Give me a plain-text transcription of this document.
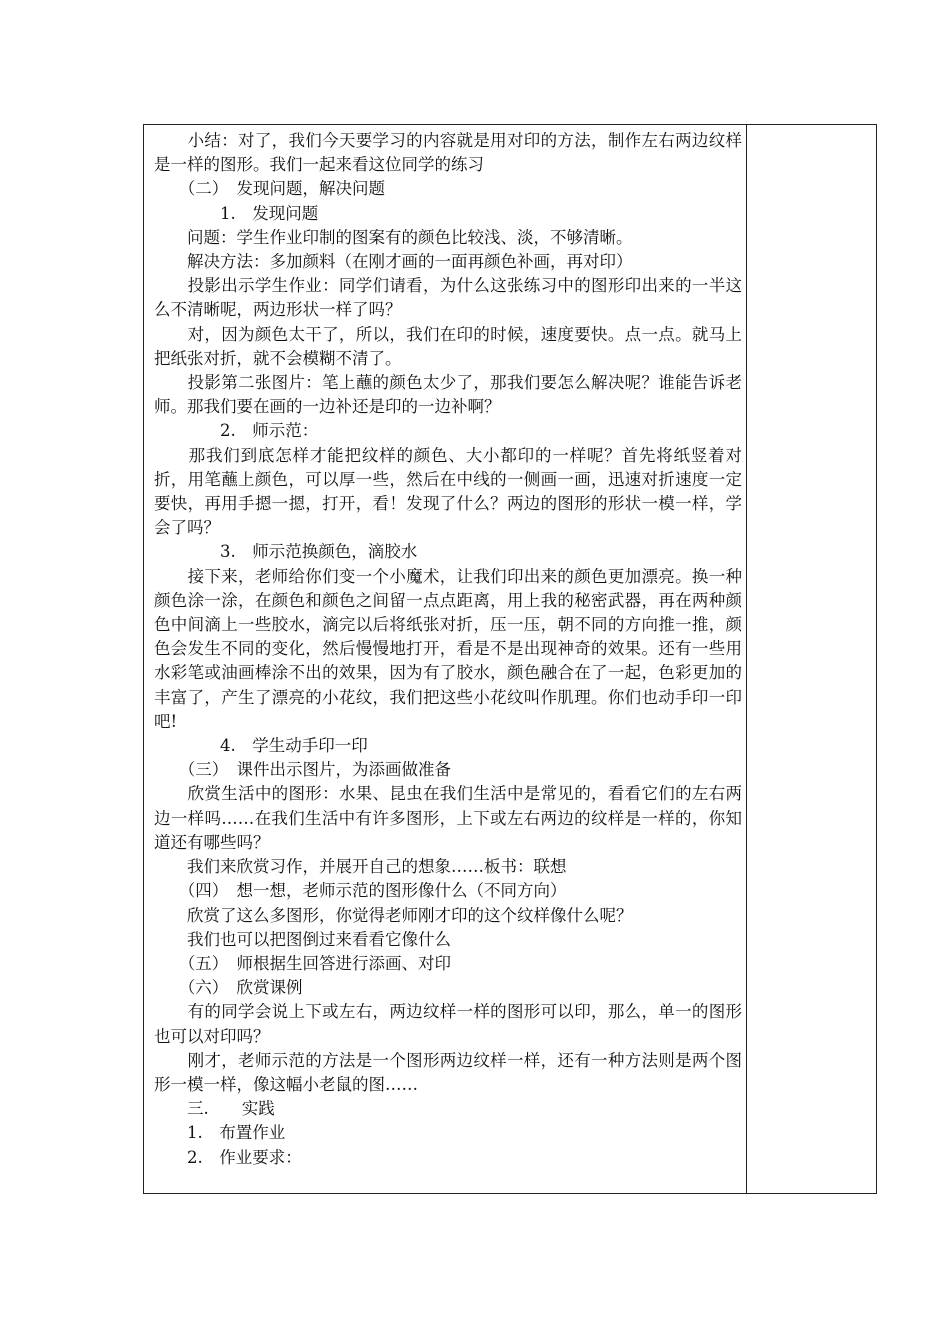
　　小结：对了，我们今天要学习的内容就是用对印的方法，制作左右两边纹样是一样的图形。我们一起来看这位同学的练习

　　（二）　发现问题，解决问题

　　　　1.　发现问题

　　问题：学生作业印制的图案有的颜色比较浅、淡，不够清晰。

　　解决方法：多加颜料（在刚才画的一面再颜色补画，再对印）

　　投影出示学生作业：同学们请看，为什么这张练习中的图形印出来的一半这么不清晰呢，两边形状一样了吗？

　　对，因为颜色太干了，所以，我们在印的时候，速度要快。点一点。就马上把纸张对折，就不会模糊不清了。

　　投影第二张图片：笔上蘸的颜色太少了，那我们要怎么解决呢？谁能告诉老师。那我们要在画的一边补还是印的一边补啊？

　　　　2.　师示范：

　　那我们到底怎样才能把纹样的颜色、大小都印的一样呢？首先将纸竖着对折，用笔蘸上颜色，可以厚一些，然后在中线的一侧画一画，迅速对折速度一定要快，再用手摁一摁，打开，看！发现了什么？两边的图形的形状一模一样，学会了吗？

　　　　3.　师示范换颜色，滴胶水

　　接下来，老师给你们变一个小魔术，让我们印出来的颜色更加漂亮。换一种颜色涂一涂，在颜色和颜色之间留一点点距离，用上我的秘密武器，再在两种颜色中间滴上一些胶水，滴完以后将纸张对折，压一压，朝不同的方向推一推，颜色会发生不同的变化，然后慢慢地打开，看是不是出现神奇的效果。还有一些用水彩笔或油画棒涂不出的效果，因为有了胶水，颜色融合在了一起，色彩更加的丰富了，产生了漂亮的小花纹，我们把这些小花纹叫作肌理。你们也动手印一印吧!

　　　　4.　学生动手印一印

　　（三）　课件出示图片，为添画做准备

　　欣赏生活中的图形：水果、昆虫在我们生活中是常见的，看看它们的左右两边一样吗……在我们生活中有许多图形，上下或左右两边的纹样是一样的，你知道还有哪些吗？

　　我们来欣赏习作，并展开自己的想象……板书：联想

　　（四）　想一想，老师示范的图形像什么（不同方向）

　　欣赏了这么多图形，你觉得老师刚才印的这个纹样像什么呢？

　　我们也可以把图倒过来看看它像什么

　　（五）　师根据生回答进行添画、对印

　　（六）　欣赏课例

　　有的同学会说上下或左右，两边纹样一样的图形可以印，那么，单一的图形也可以对印吗？

　　刚才，老师示范的方法是一个图形两边纹样一样，还有一种方法则是两个图形一模一样，像这幅小老鼠的图……

　　三.　　实践

　　1.　布置作业

　　2.　作业要求：
